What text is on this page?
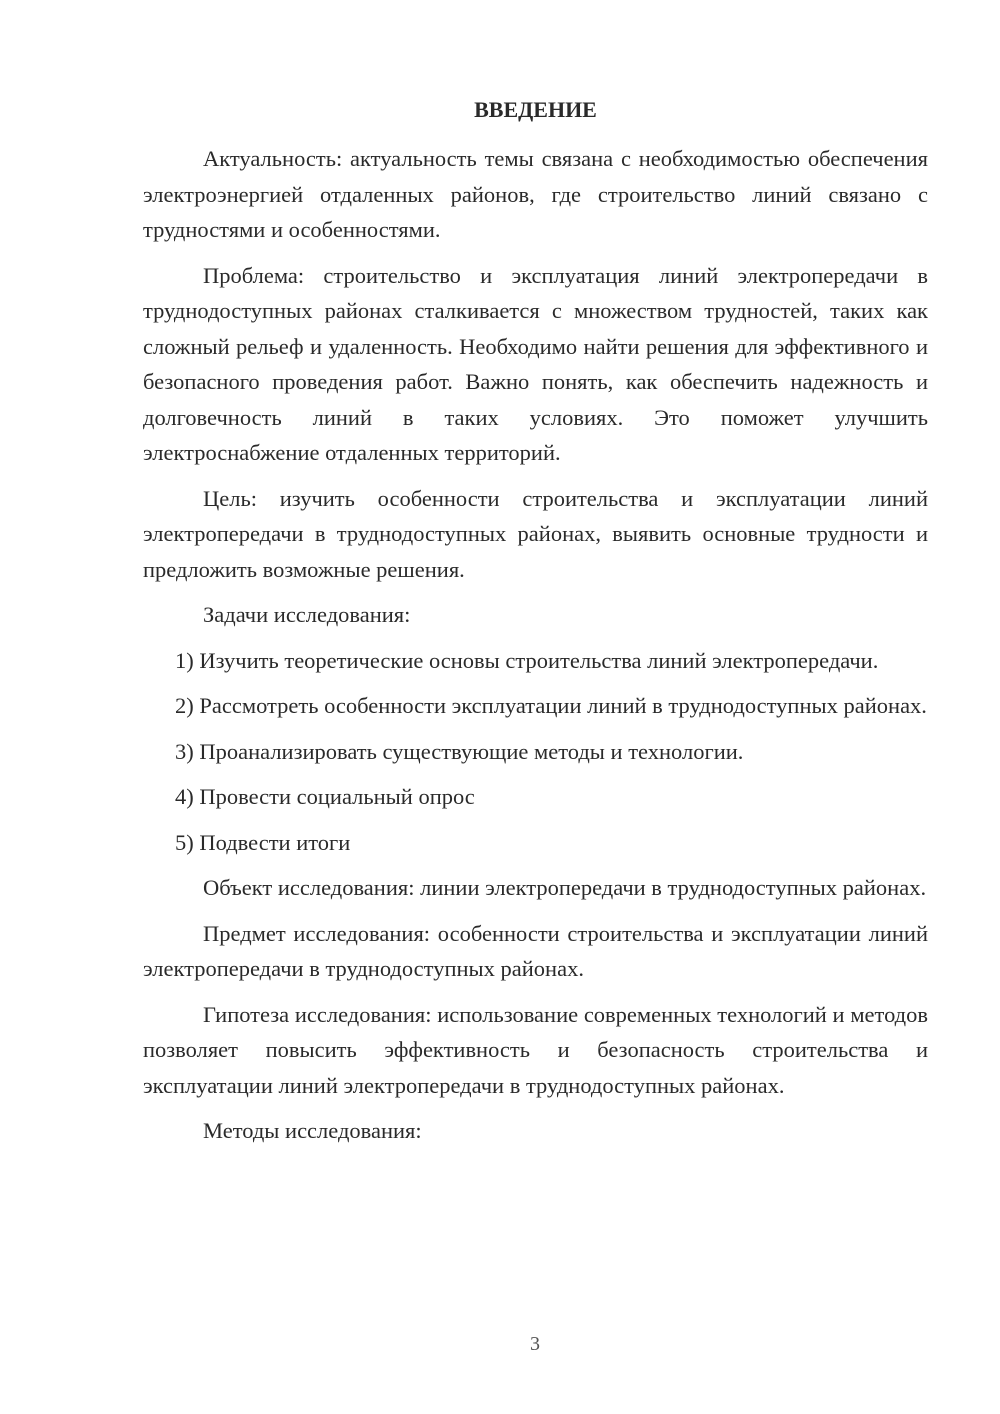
ВВЕДЕНИЕ

Актуальность: актуальность темы связана с необходимостью обеспечения электроэнергией отдаленных районов, где строительство линий связано с трудностями и особенностями.

Проблема: строительство и эксплуатация линий электропередачи в труднодоступных районах сталкивается с множеством трудностей, таких как сложный рельеф и удаленность. Необходимо найти решения для эффективного и безопасного проведения работ. Важно понять, как обеспечить надежность и долговечность линий в таких условиях. Это поможет улучшить электроснабжение отдаленных территорий.

Цель: изучить особенности строительства и эксплуатации линий электропередачи в труднодоступных районах, выявить основные трудности и предложить возможные решения.

Задачи исследования:

1) Изучить теоретические основы строительства линий электропередачи.

2) Рассмотреть особенности эксплуатации линий в труднодоступных районах.

3) Проанализировать существующие методы и технологии.

4) Провести социальный опрос

5) Подвести итоги

Объект исследования: линии электропередачи в труднодоступных районах.

Предмет исследования: особенности строительства и эксплуатации линий электропередачи в труднодоступных районах.

Гипотеза исследования: использование современных технологий и методов позволяет повысить эффективность и безопасность строительства и эксплуатации линий электропередачи в труднодоступных районах.

Методы исследования:

3
